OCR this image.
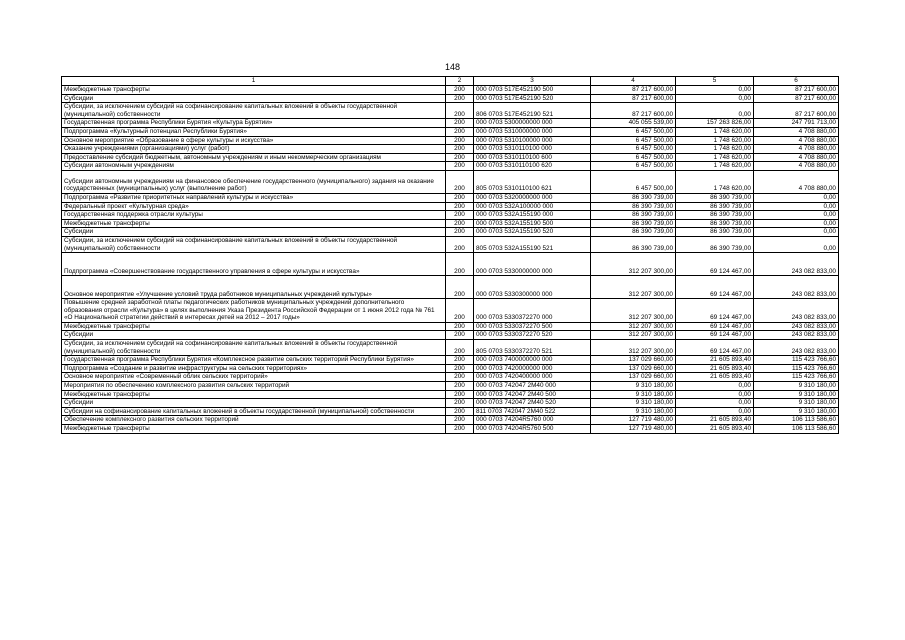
148
1	2	3	4	5	6
Межбюджетные трансферты	200	000 0703 517E452190 500	87 217 600,00	0,00	87 217 600,00
Субсидии	200	000 0703 517E452190 520	87 217 600,00	0,00	87 217 600,00
Субсидии, за исключением субсидий на софинансирование капитальных вложений в объекты государственной (муниципальной) собственности	200	806 0703 517E452190 521	87 217 600,00	0,00	87 217 600,00
Государственная программа Республики Бурятия «Культура Бурятии»	200	000 0703 5300000000 000	405 055 539,00	157 263 826,00	247 791 713,00
Подпрограмма «Культурный потенциал Республики Бурятия»	200	000 0703 5310000000 000	6 457 500,00	1 748 620,00	4 708 880,00
Основное мероприятие «Образование в сфере культуры и искусства»	200	000 0703 5310100000 000	6 457 500,00	1 748 620,00	4 708 880,00
Оказание учреждениями (организациями) услуг (работ)	200	000 0703 5310110100 000	6 457 500,00	1 748 620,00	4 708 880,00
Предоставление субсидий бюджетным, автономным учреждениям и иным некоммерческим организациям	200	000 0703 5310110100 600	6 457 500,00	1 748 620,00	4 708 880,00
Субсидии автономным учреждениям	200	000 0703 5310110100 620	6 457 500,00	1 748 620,00	4 708 880,00
Субсидии автономным учреждениям на финансовое обеспечение государственного (муниципального) задания на оказание государственных (муниципальных) услуг (выполнение работ)	200	805 0703 5310110100 621	6 457 500,00	1 748 620,00	4 708 880,00
Подпрограмма «Развитие приоритетных направлений культуры и искусства»	200	000 0703 5320000000 000	86 390 739,00	86 390 739,00	0,00
Федеральный проект «Культурная среда»	200	000 0703 532A100000 000	86 390 739,00	86 390 739,00	0,00
Государственная поддержка отрасли культуры	200	000 0703 532A155190 000	86 390 739,00	86 390 739,00	0,00
Межбюджетные трансферты	200	000 0703 532A155190 500	86 390 739,00	86 390 739,00	0,00
Субсидии	200	000 0703 532A155190 520	86 390 739,00	86 390 739,00	0,00
Субсидии, за исключением субсидий на софинансирование капитальных вложений в объекты государственной (муниципальной) собственности	200	805 0703 532A155190 521	86 390 739,00	86 390 739,00	0,00
Подпрограмма «Совершенствование государственного управления в сфере культуры и искусства»	200	000 0703 5330000000 000	312 207 300,00	69 124 467,00	243 082 833,00
Основное мероприятие «Улучшение условий труда работников муниципальных учреждений культуры»	200	000 0703 5330300000 000	312 207 300,00	69 124 467,00	243 082 833,00
Повышение средней заработной платы педагогических работников муниципальных учреждений дополнительного образования отрасли «Культура» в целях выполнения Указа Президента Российской Федерации от 1 июня 2012 года № 761 «О Национальной стратегии действий в интересах детей на 2012 – 2017 годы»	200	000 0703 5330372270 000	312 207 300,00	69 124 467,00	243 082 833,00
Межбюджетные трансферты	200	000 0703 5330372270 500	312 207 300,00	69 124 467,00	243 082 833,00
Субсидии	200	000 0703 5330372270 520	312 207 300,00	69 124 467,00	243 082 833,00
Субсидии, за исключением субсидий на софинансирование капитальных вложений в объекты государственной (муниципальной) собственности	200	805 0703 5330372270 521	312 207 300,00	69 124 467,00	243 082 833,00
Государственная программа Республики Бурятия «Комплексное развитие сельских территорий Республики Бурятия»	200	000 0703 7400000000 000	137 029 660,00	21 605 893,40	115 423 766,60
Подпрограмма «Создание и развитие инфраструктуры на сельских территориях»	200	000 0703 7420000000 000	137 029 660,00	21 605 893,40	115 423 766,60
Основное мероприятие «Современный облик сельских территорий»	200	000 0703 7420400000 000	137 029 660,00	21 605 893,40	115 423 766,60
Мероприятия по обеспечению комплексного развития сельских территорий	200	000 0703 742047 2M40 000	9 310 180,00	0,00	9 310 180,00
Межбюджетные трансферты	200	000 0703 742047 2M40 500	9 310 180,00	0,00	9 310 180,00
Субсидии	200	000 0703 742047 2M40 520	9 310 180,00	0,00	9 310 180,00
Субсидии на софинансирование капитальных вложений в объекты государственной (муниципальной) собственности	200	811 0703 742047 2M40 522	9 310 180,00	0,00	9 310 180,00
Обеспечение комплексного развития сельских территорий	200	000 0703 74204R5760 000	127 719 480,00	21 605 893,40	106 113 586,60
Межбюджетные трансферты	200	000 0703 74204R5760 500	127 719 480,00	21 605 893,40	106 113 586,60
